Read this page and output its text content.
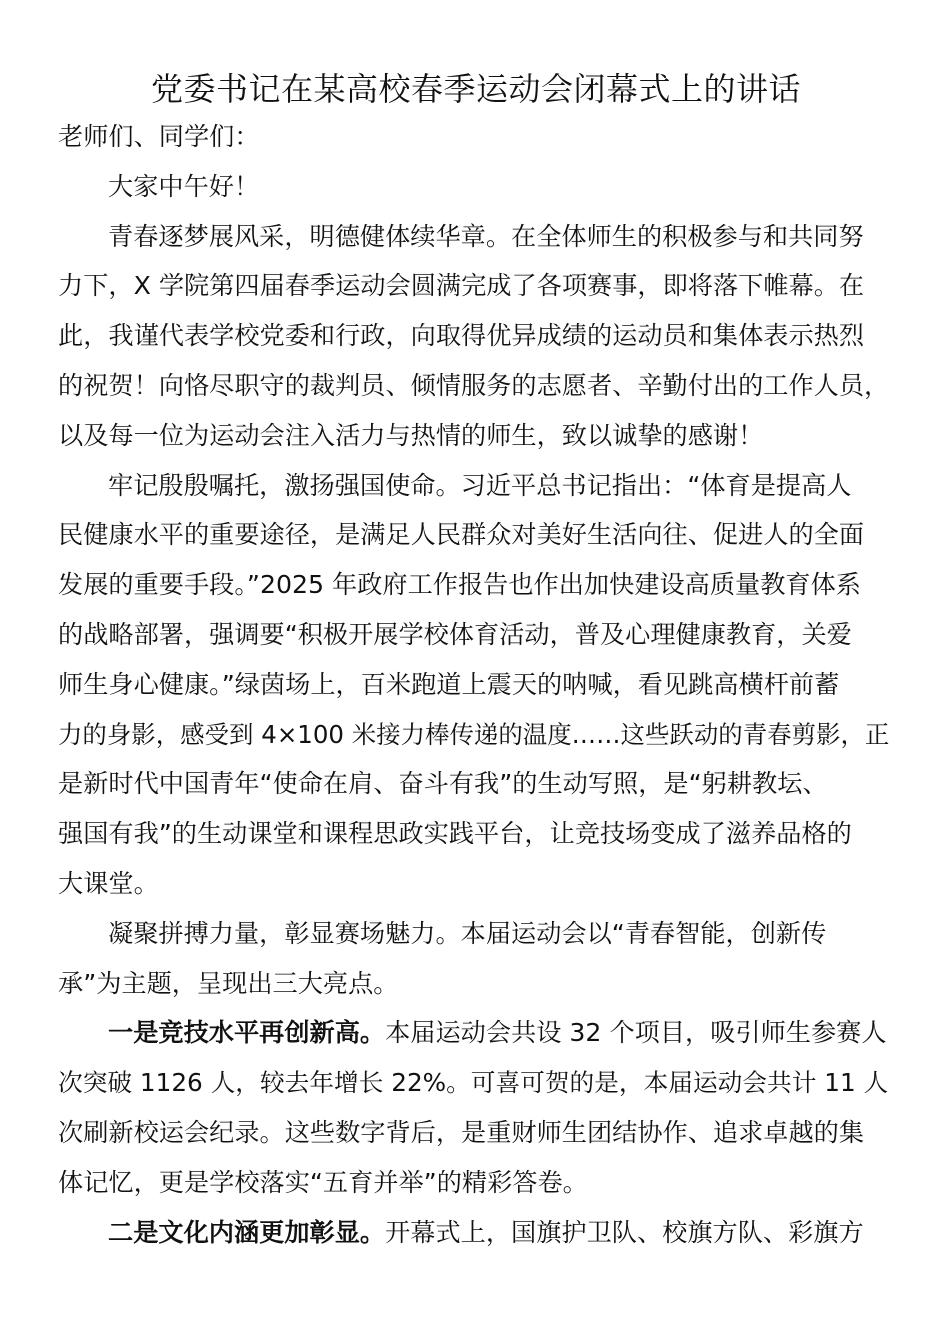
党委书记在某高校春季运动会闭幕式上的讲话

老师们、同学们：

大家中午好！

青春逐梦展风采，明德健体续华章。在全体师生的积极参与和共同努

力下，X 学院第四届春季运动会圆满完成了各项赛事，即将落下帷幕。在

此，我谨代表学校党委和行政，向取得优异成绩的运动员和集体表示热烈

的祝贺！向恪尽职守的裁判员、倾情服务的志愿者、辛勤付出的工作人员，

以及每一位为运动会注入活力与热情的师生，致以诚挚的感谢！

牢记殷殷嘱托，激扬强国使命。习近平总书记指出：“体育是提高人

民健康水平的重要途径，是满足人民群众对美好生活向往、促进人的全面

发展的重要手段。”2025 年政府工作报告也作出加快建设高质量教育体系

的战略部署，强调要“积极开展学校体育活动，普及心理健康教育，关爱

师生身心健康。”绿茵场上，百米跑道上震天的呐喊，看见跳高横杆前蓄

力的身影，感受到 4×100 米接力棒传递的温度……这些跃动的青春剪影，正

是新时代中国青年“使命在肩、奋斗有我”的生动写照，是“躬耕教坛、

强国有我”的生动课堂和课程思政实践平台，让竞技场变成了滋养品格的

大课堂。

凝聚拼搏力量，彰显赛场魅力。本届运动会以“青春智能，创新传

承”为主题，呈现出三大亮点。

一是竞技水平再创新高。本届运动会共设 32 个项目，吸引师生参赛人

次突破 1126 人，较去年增长 22%。可喜可贺的是，本届运动会共计 11 人

次刷新校运会纪录。这些数字背后，是重财师生团结协作、追求卓越的集

体记忆，更是学校落实“五育并举”的精彩答卷。

二是文化内涵更加彰显。开幕式上，国旗护卫队、校旗方队、彩旗方
